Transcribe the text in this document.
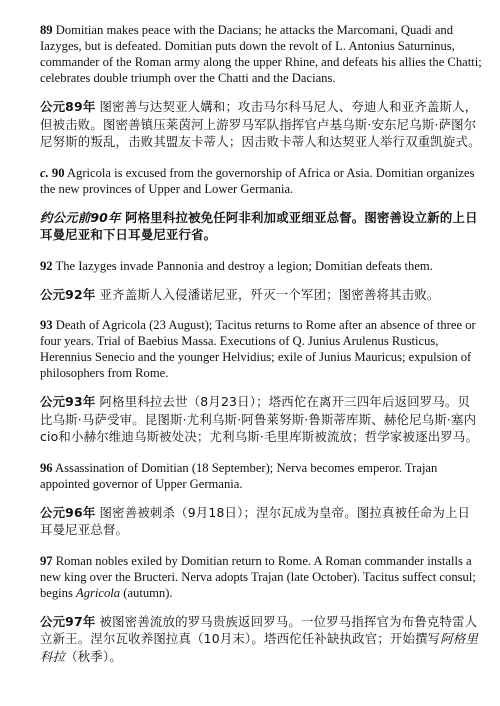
89 Domitian makes peace with the Dacians; he attacks the Marcomani, Quadi and Iazyges, but is defeated. Domitian puts down the revolt of L. Antonius Saturninus, commander of the Roman army along the upper Rhine, and defeats his allies the Chatti; celebrates double triumph over the Chatti and the Dacians.

公元89年 图密善与达契亚人媾和；攻击马尔科马尼人、夸迪人和亚齐盖斯人，但被击败。图密善镇压莱茵河上游罗马军队指挥官卢基乌斯·安东尼乌斯·萨图尔尼努斯的叛乱，击败其盟友卡蒂人；因击败卡蒂人和达契亚人举行双重凯旋式。

c. 90 Agricola is excused from the governorship of Africa or Asia. Domitian organizes the new provinces of Upper and Lower Germania.

约公元前90年 阿格里科拉被免任阿非利加或亚细亚总督。图密善设立新的上日耳曼尼亚和下日耳曼尼亚行省。

92 The Iazyges invade Pannonia and destroy a legion; Domitian defeats them.

公元92年 亚齐盖斯人入侵潘诺尼亚，歼灭一个军团；图密善将其击败。

93 Death of Agricola (23 August); Tacitus returns to Rome after an absence of three or four years. Trial of Baebius Massa. Executions of Q. Junius Arulenus Rusticus, Herennius Senecio and the younger Helvidius; exile of Junius Mauricus; expulsion of philosophers from Rome.

公元93年 阿格里科拉去世（8月23日）；塔西佗在离开三四年后返回罗马。贝比乌斯·马萨受审。昆图斯·尤利乌斯·阿鲁莱努斯·鲁斯蒂库斯、赫伦尼乌斯·塞内cio和小赫尔维迪乌斯被处决；尤利乌斯·毛里库斯被流放；哲学家被逐出罗马。

96 Assassination of Domitian (18 September); Nerva becomes emperor. Trajan appointed governor of Upper Germania.

公元96年 图密善被刺杀（9月18日）；涅尔瓦成为皇帝。图拉真被任命为上日耳曼尼亚总督。

97 Roman nobles exiled by Domitian return to Rome. A Roman commander installs a new king over the Bructeri. Nerva adopts Trajan (late October). Tacitus suffect consul; begins Agricola (autumn).

公元97年 被图密善流放的罗马贵族返回罗马。一位罗马指挥官为布鲁克特雷人立新王。涅尔瓦收养图拉真（10月末）。塔西佗任补缺执政官；开始撰写阿格里科拉（秋季）。
